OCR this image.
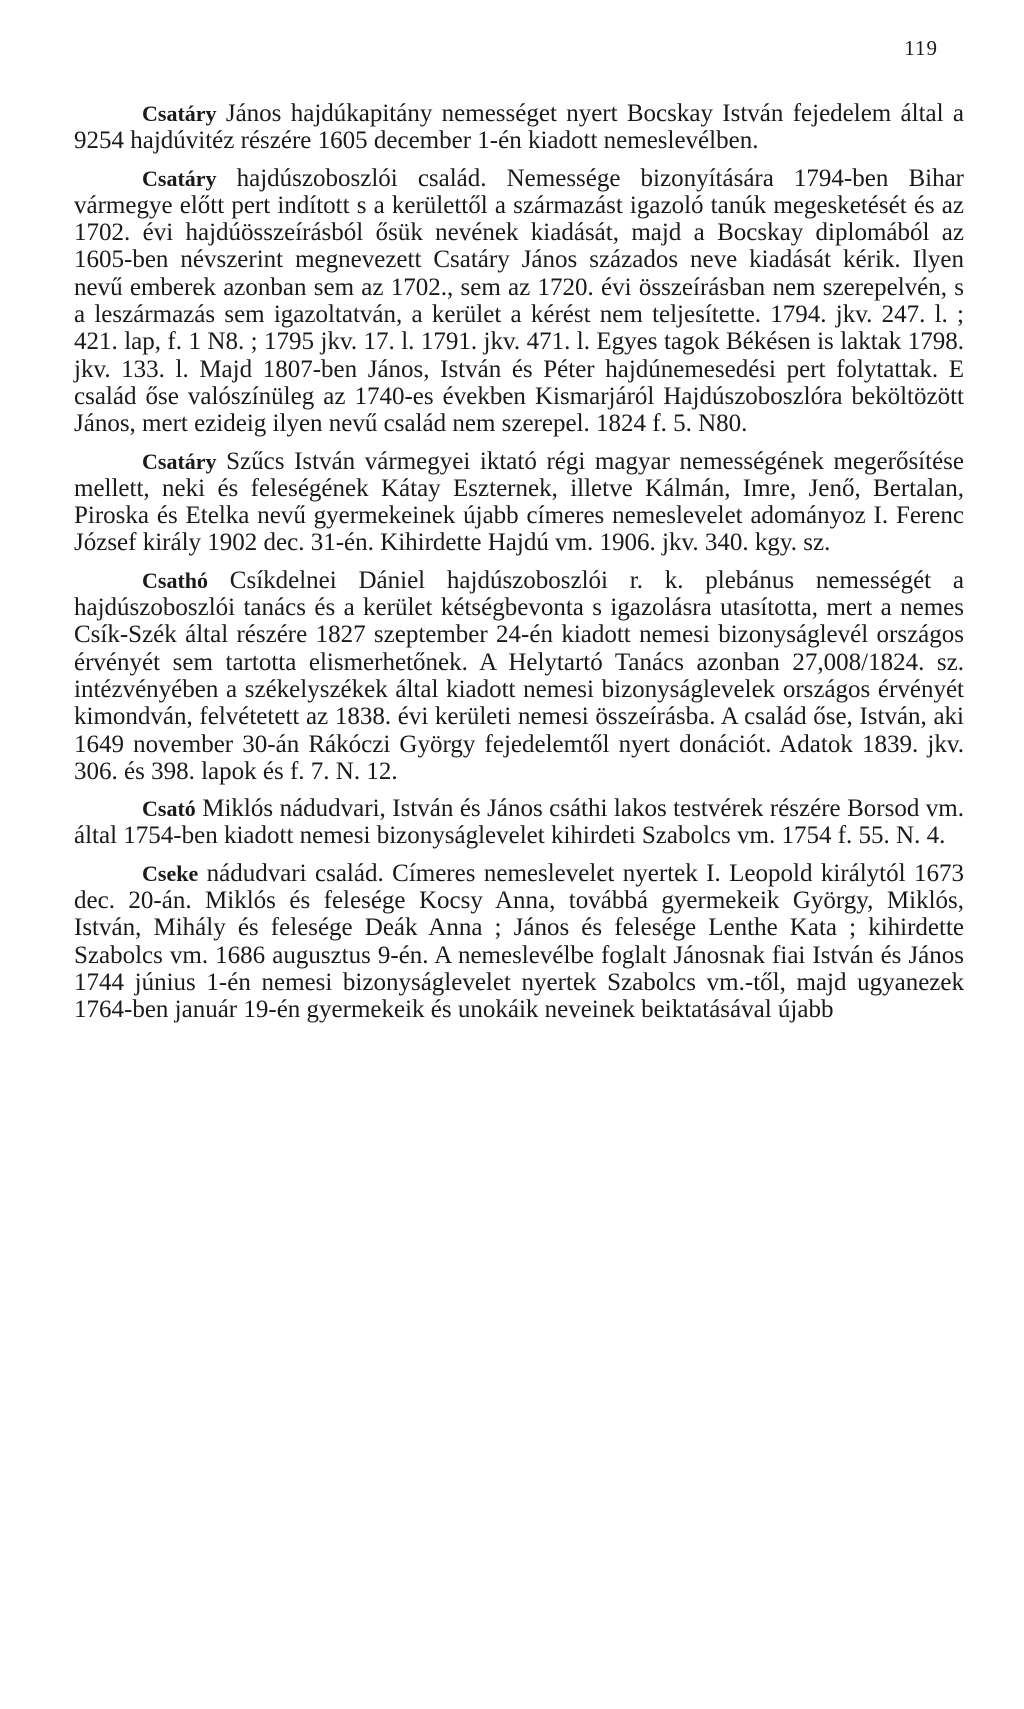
119

Csatáry János hajdúkapitány nemességet nyert Bocskay István fejedelem által a 9254 hajdúvitéz részére 1605 december 1-én kiadott nemeslevélben.

Csatáry hajdúszoboszlói család. Nemessége bizonyítására 1794-ben Bihar vármegye előtt pert indított s a kerülettől a származást igazoló tanúk megesketését és az 1702. évi hajdúösszeírásból ősük nevének kiadását, majd a Bocskay diplomából az 1605-ben névszerint megnevezett Csatáry János százados neve kiadását kérik. Ilyen nevű emberek azonban sem az 1702., sem az 1720. évi összeírásban nem szerepelvén, s a leszármazás sem igazoltatván, a kerület a kérést nem teljesítette. 1794. jkv. 247. l. ; 421. lap, f. 1 N8. ; 1795 jkv. 17. l. 1791. jkv. 471. l. Egyes tagok Békésen is laktak 1798. jkv. 133. l. Majd 1807-ben János, István és Péter hajdúnemesedési pert folytattak. E család őse valószínüleg az 1740-es években Kismarjáról Hajdúszoboszlóra beköltözött János, mert ezideig ilyen nevű család nem szerepel. 1824 f. 5. N80.

Csatáry Szűcs István vármegyei iktató régi magyar nemességének megerősítése mellett, neki és feleségének Kátay Eszternek, illetve Kálmán, Imre, Jenő, Bertalan, Piroska és Etelka nevű gyermekeinek újabb címeres nemeslevelet adományoz I. Ferenc József király 1902 dec. 31-én. Kihirdette Hajdú vm. 1906. jkv. 340. kgy. sz.

Csathó Csíkdelnei Dániel hajdúszoboszlói r. k. plebánus nemességét a hajdúszoboszlói tanács és a kerület kétségbevonta s igazolásra utasította, mert a nemes Csík-Szék által részére 1827 szeptember 24-én kiadott nemesi bizonyságlevél országos érvényét sem tartotta elismerhetőnek. A Helytartó Tanács azonban 27,008/1824. sz. intézvényében a székelyszékek által kiadott nemesi bizonyságlevelek országos érvényét kimondván, felvétetett az 1838. évi kerületi nemesi összeírásba. A család őse, István, aki 1649 november 30-án Rákóczi György fejedelemtől nyert donációt. Adatok 1839. jkv. 306. és 398. lapok és f. 7. N. 12.

Csató Miklós nádudvari, István és János csáthi lakos testvérek részére Borsod vm. által 1754-ben kiadott nemesi bizonyságlevelet kihirdeti Szabolcs vm. 1754 f. 55. N. 4.

Cseke nádudvari család. Címeres nemeslevelet nyertek I. Leopold királytól 1673 dec. 20-án. Miklós és felesége Kocsy Anna, továbbá gyermekeik György, Miklós, István, Mihály és felesége Deák Anna ; János és felesége Lenthe Kata ; kihirdette Szabolcs vm. 1686 augusztus 9-én. A nemeslevélbe foglalt Jánosnak fiai István és János 1744 június 1-én nemesi bizonyságlevelet nyertek Szabolcs vm.-től, majd ugyanezek 1764-ben január 19-én gyermekeik és unokáik neveinek beiktatásával újabb
